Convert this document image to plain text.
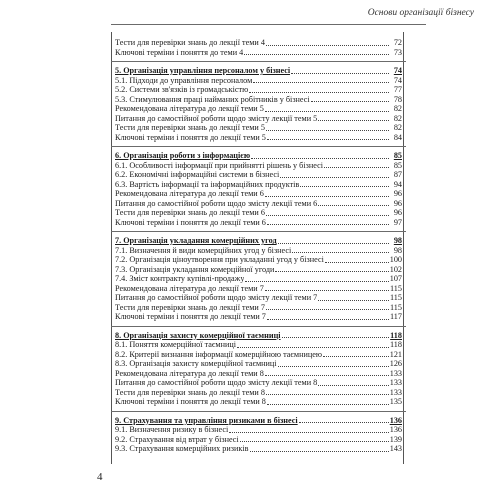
Основи організації бізнесу
Тести для перевірки знань до лекції теми 4	72
Ключові терміни і поняття до теми 4	73
5. Організація управління персоналом у бізнесі	74
5.1. Підходи до управління персоналом	74
5.2. Системи зв'язків із громадськістю	77
5.3. Стимулювання праці найманих робітників у бізнесі	78
Рекомендована література до лекції теми 5	82
Питання до самостійної роботи щодо змісту лекції теми 5	82
Тести для перевірки знань до лекції теми 5	82
Ключові терміни і поняття до лекції теми 5	84
6. Організація роботи з інформацією	85
6.1. Особливості інформації при прийнятті рішень у бізнесі	85
6.2. Економічні інформаційні системи в бізнесі	87
6.3. Вартість інформації та інформаційних продуктів	94
Рекомендована література до лекції теми 6	96
Питання до самостійної роботи щодо змісту лекції теми 6	96
Тести для перевірки знань до лекції теми 6	96
Ключові терміни і поняття до лекції теми 6	97
7. Організація укладання комерційних угод	98
7.1. Визначення й види комерційних угод у бізнесі	98
7.2. Організація ціноутворення при укладанні угод у бізнесі	100
7.3. Організація укладання комерційної угоди	102
7.4. Зміст контракту купівлі-продажу	107
Рекомендована література до лекції теми 7	115
Питання до самостійної роботи щодо змісту лекції теми 7	115
Тести для перевірки знань до лекції теми 7	115
Ключові терміни і поняття до лекції теми 7	117
8. Організація захисту комерційної таємниці	118
8.1. Поняття комерційної таємниці	118
8.2. Критерії визнання інформації комерційною таємницею	121
8.3. Організація захисту комерційної таємниці	126
Рекомендована література до лекції теми 8	133
Питання до самостійної роботи щодо змісту лекції теми 8	133
Тести для перевірки знань до лекції теми 8	133
Ключові терміни і поняття до лекції теми 8	135
9. Страхування та управління ризиками в бізнесі	136
9.1. Визначення ризику в бізнесі	136
9.2. Страхування від втрат у бізнесі	139
9.3. Страхування комерційних ризиків	143
4
